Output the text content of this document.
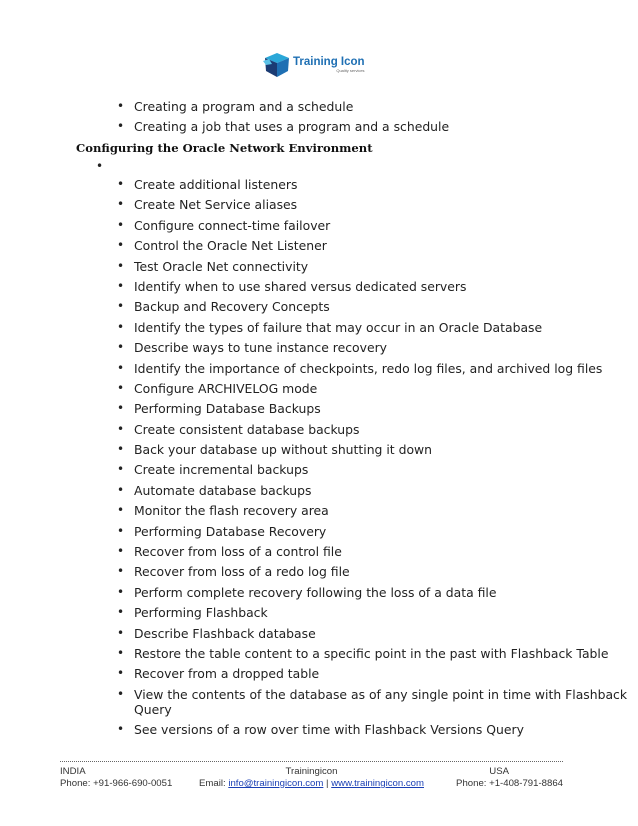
Training Icon
Quality services
• Creating a program and a schedule
• Creating a job that uses a program and a schedule
Configuring the Oracle Network Environment
•
• Create additional listeners
• Create Net Service aliases
• Configure connect-time failover
• Control the Oracle Net Listener
• Test Oracle Net connectivity
• Identify when to use shared versus dedicated servers
• Backup and Recovery Concepts
• Identify the types of failure that may occur in an Oracle Database
• Describe ways to tune instance recovery
• Identify the importance of checkpoints, redo log files, and archived log files
• Configure ARCHIVELOG mode
• Performing Database Backups
• Create consistent database backups
• Back your database up without shutting it down
• Create incremental backups
• Automate database backups
• Monitor the flash recovery area
• Performing Database Recovery
• Recover from loss of a control file
• Recover from loss of a redo log file
• Perform complete recovery following the loss of a data file
• Performing Flashback
• Describe Flashback database
• Restore the table content to a specific point in the past with Flashback Table
• Recover from a dropped table
• View the contents of the database as of any single point in time with Flashback Query
• See versions of a row over time with Flashback Versions Query
INDIA	Trainingicon	USA
Phone: +91-966-690-0051	Email: info@trainingicon.com | www.trainingicon.com	Phone: +1-408-791-8864
